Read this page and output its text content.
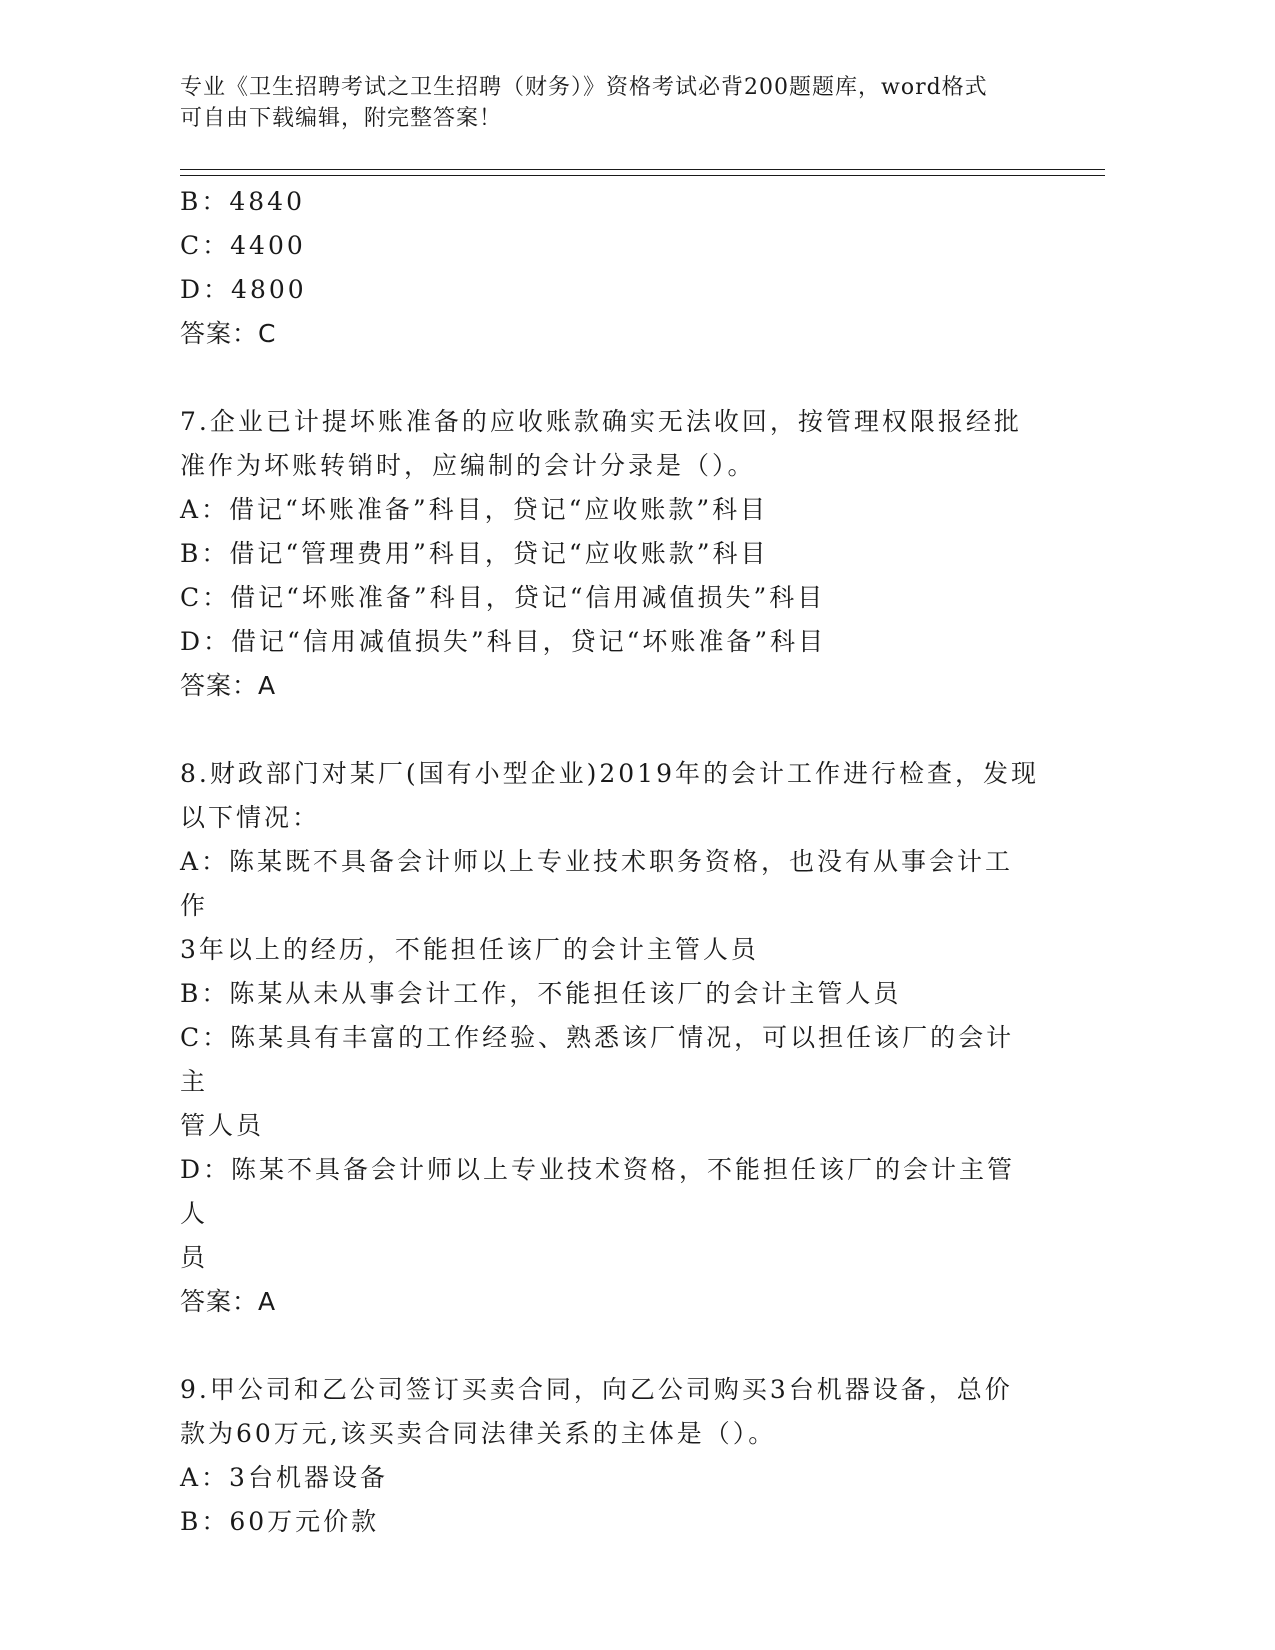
专业《卫生招聘考试之卫生招聘（财务）》资格考试必背200题题库，word格式
可自由下载编辑，附完整答案！
B：4840
C：4400
D：4800
答案：C
7.企业已计提坏账准备的应收账款确实无法收回，按管理权限报经批
准作为坏账转销时，应编制的会计分录是（）。
A：借记“坏账准备”科目，贷记“应收账款”科目
B：借记“管理费用”科目，贷记“应收账款”科目
C：借记“坏账准备”科目，贷记“信用减值损失”科目
D：借记“信用减值损失”科目，贷记“坏账准备”科目
答案：A
8.财政部门对某厂(国有小型企业)2019年的会计工作进行检查，发现
以下情况：
A：陈某既不具备会计师以上专业技术职务资格，也没有从事会计工作
3年以上的经历，不能担任该厂的会计主管人员
B：陈某从未从事会计工作，不能担任该厂的会计主管人员
C：陈某具有丰富的工作经验、熟悉该厂情况，可以担任该厂的会计主
管人员
D：陈某不具备会计师以上专业技术资格，不能担任该厂的会计主管人
员
答案：A
9.甲公司和乙公司签订买卖合同，向乙公司购买3台机器设备，总价
款为60万元,该买卖合同法律关系的主体是（）。
A：3台机器设备
B：60万元价款
